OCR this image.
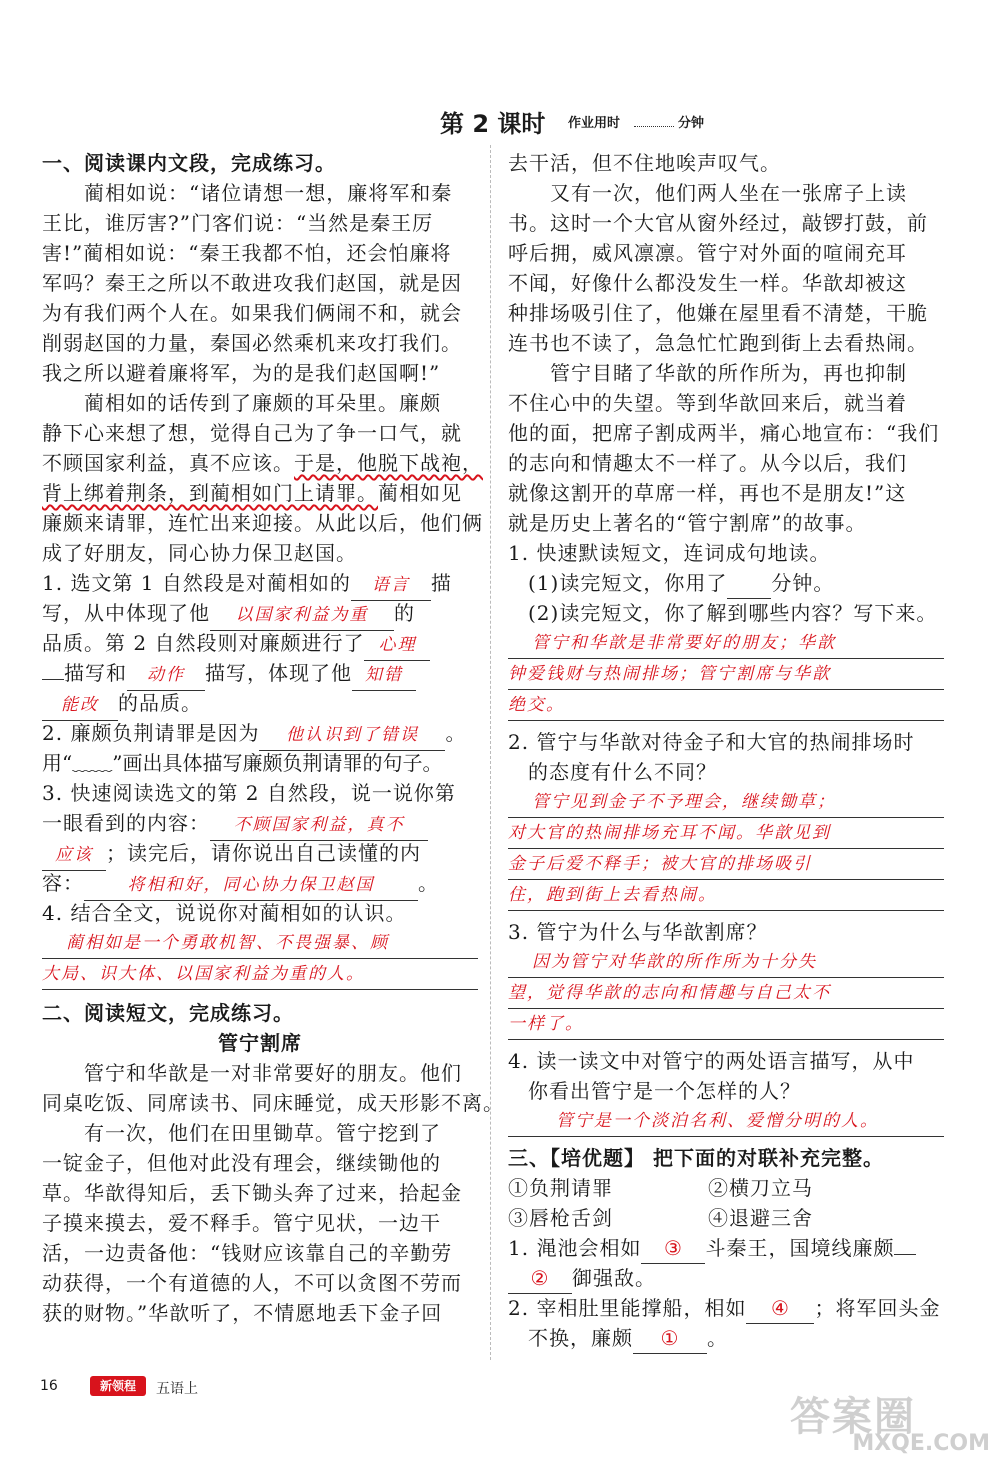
第 2 课时 作业用时	分钟
一、阅读课内文段，完成练习。
　　蔺相如说：“诸位请想一想，廉将军和秦
王比，谁厉害?”门客们说：“当然是秦王厉
害!”蔺相如说：“秦王我都不怕，还会怕廉将
军吗？秦王之所以不敢进攻我们赵国，就是因
为有我们两个人在。如果我们俩闹不和，就会
削弱赵国的力量，秦国必然乘机来攻打我们。
我之所以避着廉将军，为的是我们赵国啊!”
　　蔺相如的话传到了廉颇的耳朵里。廉颇
静下心来想了想，觉得自己为了争一口气，就
不顾国家利益，真不应该。于是，他脱下战袍，
背上绑着荆条，到蔺相如门上请罪。蔺相如见
廉颇来请罪，连忙出来迎接。从此以后，他们俩
成了好朋友，同心协力保卫赵国。
1. 选文第 1 自然段是对蔺相如的 语言 描
写，从中体现了他 以国家利益为重 的
品质。第 2 自然段则对廉颇进行了 心理
描写和 动作 描写，体现了他 知错
能改 的品质。
2. 廉颇负荆请罪是因为 他认识到了错误 。
用“﹏﹏”画出具体描写廉颇负荆请罪的句子。
3. 快速阅读选文的第 2 自然段，说一说你第
一眼看到的内容： 不顾国家利益，真不
应该 ；读完后，请你说出自己读懂的内
容：	将相和好，同心协力保卫赵国 。
4. 结合全文，说说你对蔺相如的认识。
蔺相如是一个勇敢机智、不畏强暴、顾
大局、识大体、以国家利益为重的人。
二、阅读短文，完成练习。
管宁割席
　　管宁和华歆是一对非常要好的朋友。他们
同桌吃饭、同席读书、同床睡觉，成天形影不离。
　　有一次，他们在田里锄草。管宁挖到了
一锭金子，但他对此没有理会，继续锄他的
草。华歆得知后，丢下锄头奔了过来，拾起金
子摸来摸去，爱不释手。管宁见状，一边干
活，一边责备他：“钱财应该靠自己的辛勤劳
动获得，一个有道德的人，不可以贪图不劳而
获的财物。”华歆听了，不情愿地丢下金子回
去干活，但不住地唉声叹气。
　　又有一次，他们两人坐在一张席子上读
书。这时一个大官从窗外经过，敲锣打鼓，前
呼后拥，威风凛凛。管宁对外面的喧闹充耳
不闻，好像什么都没发生一样。华歆却被这
种排场吸引住了，他嫌在屋里看不清楚，干脆
连书也不读了，急急忙忙跑到街上去看热闹。
　　管宁目睹了华歆的所作所为，再也抑制
不住心中的失望。等到华歆回来后，就当着
他的面，把席子割成两半，痛心地宣布：“我们
的志向和情趣太不一样了。从今以后，我们
就像这割开的草席一样，再也不是朋友!”这
就是历史上著名的“管宁割席”的故事。
1. 快速默读短文，连词成句地读。
(1)读完短文，你用了 分钟。
(2)读完短文，你了解到哪些内容？写下来。
管宁和华歆是非常要好的朋友；华歆
钟爱钱财与热闹排场；管宁割席与华歆
绝交。
2. 管宁与华歆对待金子和大官的热闹排场时
的态度有什么不同？
管宁见到金子不予理会，继续锄草；
对大官的热闹排场充耳不闻。华歆见到
金子后爱不释手；被大官的排场吸引
住，跑到街上去看热闹。
3. 管宁为什么与华歆割席？
因为管宁对华歆的所作所为十分失
望，觉得华歆的志向和情趣与自己太不
一样了。
4. 读一读文中对管宁的两处语言描写，从中
你看出管宁是一个怎样的人？
管宁是一个淡泊名利、爱憎分明的人。
三、【培优题】 把下面的对联补充完整。
①负荆请罪	②横刀立马
③唇枪舌剑	④退避三舍
1. 渑池会相如 ③ 斗秦王，国境线廉颇
② 御强敌。
2. 宰相肚里能撑船，相如 ④ ；将军回头金
不换，廉颇 ① 。
16	新领程	五语上
答案圈
MXQE.COM
